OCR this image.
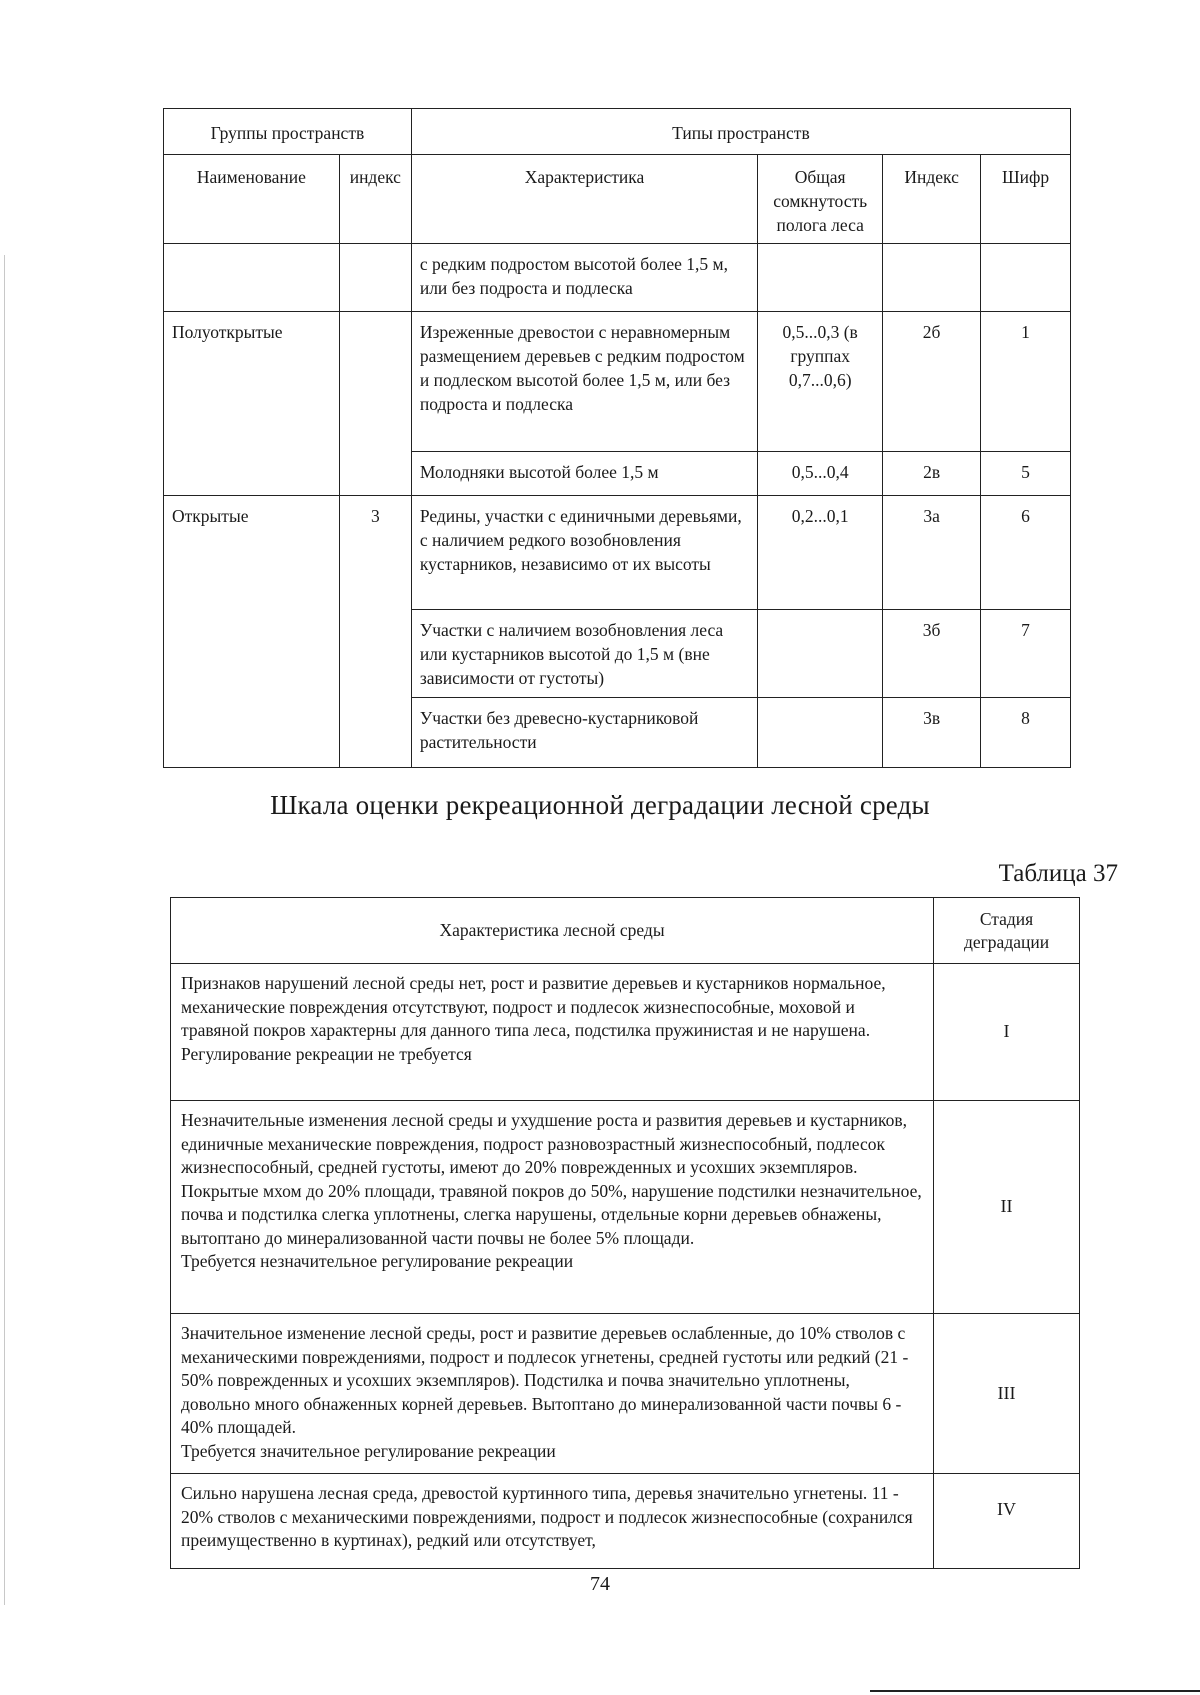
Группы пространств		Типы пространств			
Наименование	индекс	Характеристика	Общая сомкнутость полога леса	Индекс	Шифр
		с редким подростом высотой более 1,5 м, или без подроста и подлеска			
Полуоткрытые		Изреженные древостои с неравномерным размещением деревьев с редким подростом и подлеском высотой более 1,5 м, или без подроста и подлеска	0,5...0,3 (в группах 0,7...0,6)	2б	1
		Молодняки высотой более 1,5 м	0,5...0,4	2в	5
Открытые	3	Редины, участки с единичными деревьями, с наличием редкого возобновления кустарников, независимо от их высоты	0,2...0,1	3а	6
		Участки с наличием возобновления леса или кустарников высотой до 1,5 м (вне зависимости от густоты)		3б	7
		Участки без древесно-кустарниковой растительности		3в	8
Шкала оценки рекреационной деградации лесной среды
Таблица 37
Характеристика лесной среды	Стадия деградации

Признаков нарушений лесной среды нет, рост и развитие деревьев и кустарников нормальное, механические повреждения отсутствуют, подрост и подлесок жизнеспособные, моховой и травяной покров характерны для данного типа леса, подстилка пружинистая и не нарушена.
Регулирование рекреации не требуется	I

Незначительные изменения лесной среды и ухудшение роста и развития деревьев и кустарников, единичные механические повреждения, подрост разновозрастный жизнеспособный, подлесок жизнеспособный, средней густоты, имеют до 20% поврежденных и усохших экземпляров. Покрытые мхом до 20% площади, травяной покров до 50%, нарушение подстилки незначительное, почва и подстилка слегка уплотнены, слегка нарушены, отдельные корни деревьев обнажены, вытоптано до минерализованной части почвы не более 5% площади.
Требуется незначительное регулирование рекреации	II

Значительное изменение лесной среды, рост и развитие деревьев ослабленные, до 10% стволов с механическими повреждениями, подрост и подлесок угнетены, средней густоты или редкий (21 - 50% поврежденных и усохших экземпляров). Подстилка и почва значительно уплотнены, довольно много обнаженных корней деревьев. Вытоптано до минерализованной части почвы 6 - 40% площадей.
Требуется значительное регулирование рекреации	III

Сильно нарушена лесная среда, древостой куртинного типа, деревья значительно угнетены. 11 - 20% стволов с механическими повреждениями, подрост и подлесок жизнеспособные (сохранился преимущественно в куртинах), редкий или отсутствует,	IV
74
